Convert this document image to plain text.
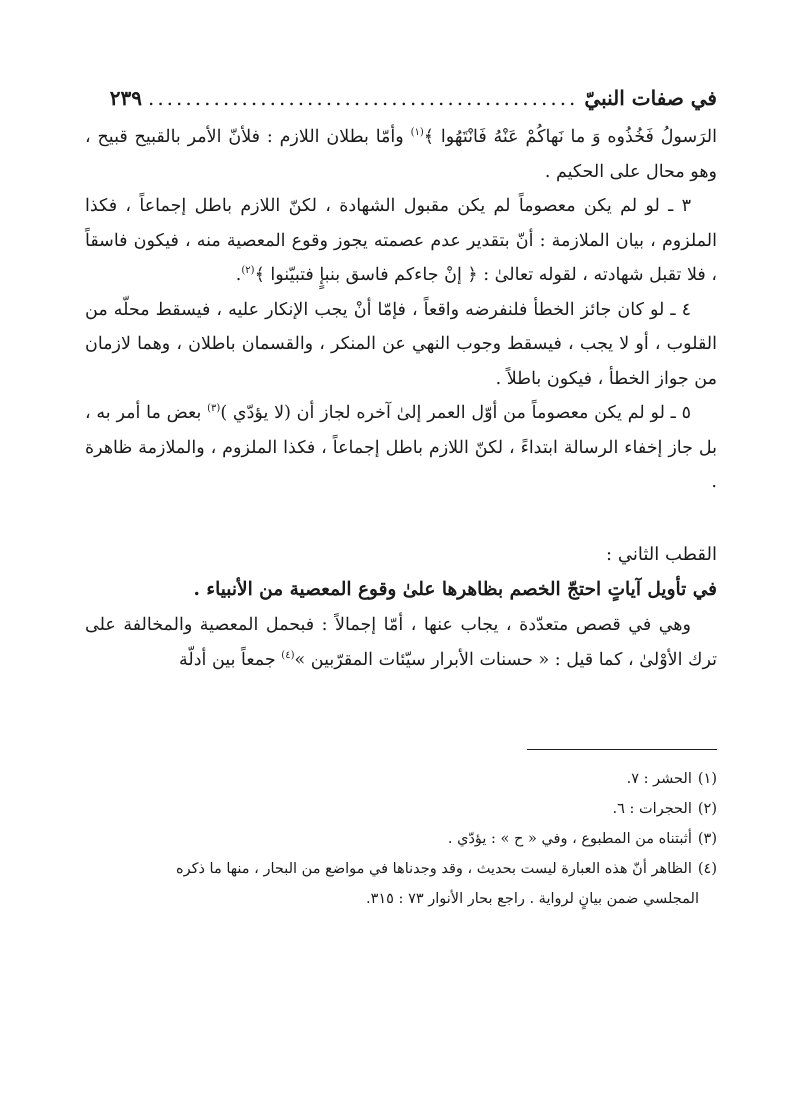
في صفات النبيّ
..............................................
٢٣٩

الرَسولُ فَخُذُوه وَ ما نَهاكُمْ عَنْهُ فَانْتَهُوا ﴾$^{(١)}$ وأمّا بطلان اللازم : فلأنّ الأمر بالقبيح قبيح ، وهو محال على الحكيم .

٣ ـ لو لم يكن معصوماً لم يكن مقبول الشهادة ، لكنّ اللازم باطل إجماعاً ، فكذا الملزوم ، بيان الملازمة : أنّ بتقدير عدم عصمته يجوز وقوع المعصية منه ، فيكون فاسقاً ، فلا تقبل شهادته ، لقوله تعالىٰ : ﴿ إنْ جاءكم فاسق بنبإٍ فتبيّنوا ﴾$^{(٢)}$.

٤ ـ لو كان جائز الخطأ فلنفرضه واقعاً ، فإمّا أنْ يجب الإنكار عليه ، فيسقط محلّه من القلوب ، أو لا يجب ، فيسقط وجوب النهي عن المنكر ، والقسمان باطلان ، وهما لازمان من جواز الخطأ ، فيكون باطلاً .

٥ ـ لو لم يكن معصوماً من أوّل العمر إلىٰ آخره لجاز أن (لا يؤدّي )$^{(٣)}$ بعض ما أمر به ، بل جاز إخفاء الرسالة ابتداءً ، لكنّ اللازم باطل إجماعاً ، فكذا الملزوم ، والملازمة ظاهرة .

القطب الثاني :

في تأويل آياتٍ احتجّ الخصم بظاهرها علىٰ وقوع المعصية من الأنبياء .

وهي في قصص متعدّدة ، يجاب عنها ، أمّا إجمالاً : فبحمل المعصية والمخالفة على ترك الأوْلىٰ ، كما قيل : « حسنات الأبرار سيّئات المقرّبين »$^{(٤)}$ جمعاً بين أدلّة

(١)الحشر : ٧.

(٢)الحجرات : ٦.

(٣)أثبتناه من المطبوع ، وفي « ح » : يؤدّي .

(٤)الظاهر أنّ هذه العبارة ليست بحديث ، وقد وجدناها في مواضع من البحار ، منها ما ذكره

المجلسي ضمن بيانٍ لرواية . راجع بحار الأنوار ٧٣ : ٣١٥.
